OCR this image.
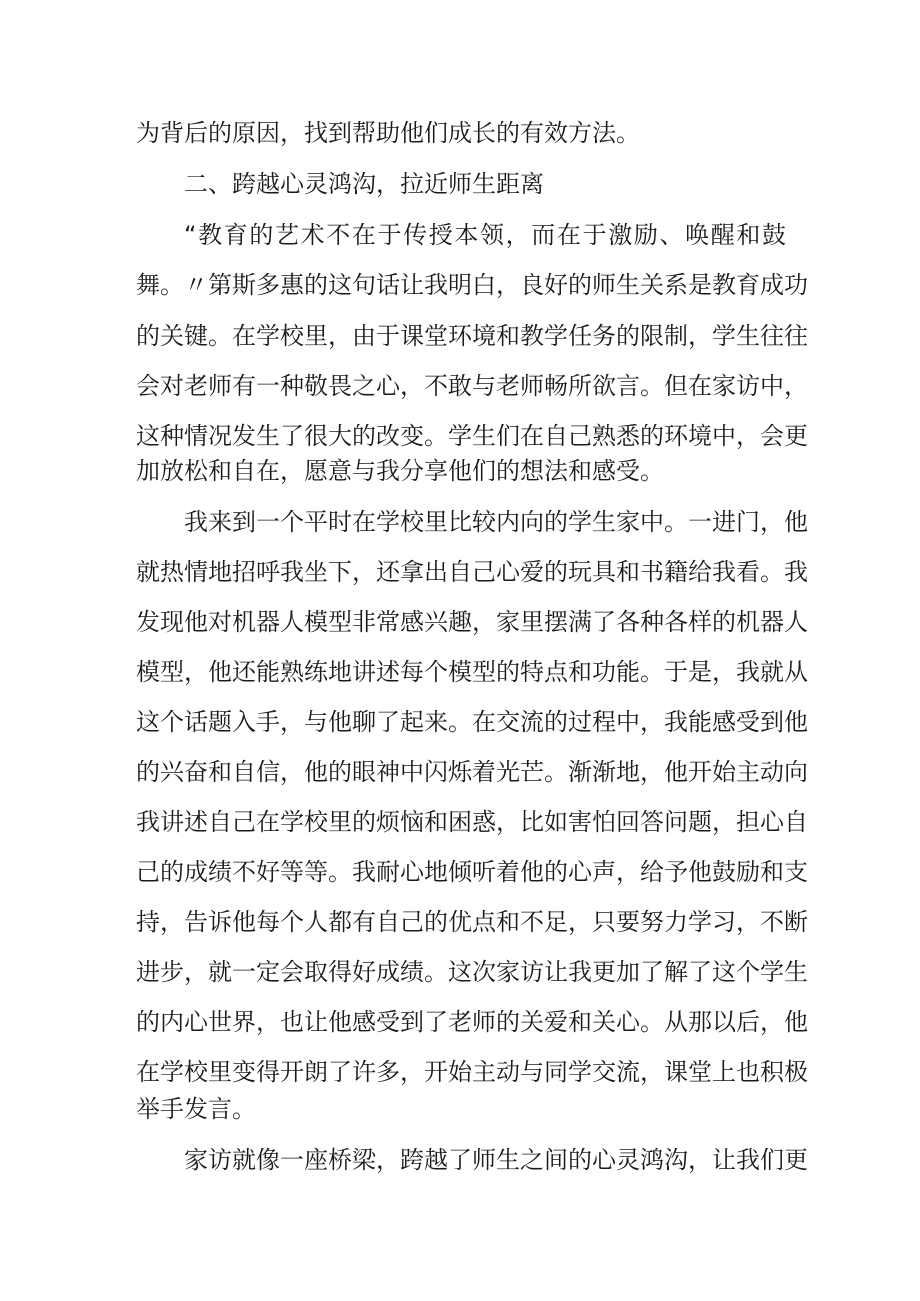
为背后的原因，找到帮助他们成长的有效方法。
二、跨越心灵鸿沟，拉近师生距离
“教育的艺术不在于传授本领，而在于激励、唤醒和鼓
舞。〃第斯多惠的这句话让我明白，良好的师生关系是教育成功
的关键。在学校里，由于课堂环境和教学任务的限制，学生往往
会对老师有一种敬畏之心，不敢与老师畅所欲言。但在家访中，
这种情况发生了很大的改变。学生们在自己熟悉的环境中，会更
加放松和自在，愿意与我分享他们的想法和感受。
我来到一个平时在学校里比较内向的学生家中。一进门，他
就热情地招呼我坐下，还拿出自己心爱的玩具和书籍给我看。我
发现他对机器人模型非常感兴趣，家里摆满了各种各样的机器人
模型，他还能熟练地讲述每个模型的特点和功能。于是，我就从
这个话题入手，与他聊了起来。在交流的过程中，我能感受到他
的兴奋和自信，他的眼神中闪烁着光芒。渐渐地，他开始主动向
我讲述自己在学校里的烦恼和困惑，比如害怕回答问题，担心自
己的成绩不好等等。我耐心地倾听着他的心声，给予他鼓励和支
持，告诉他每个人都有自己的优点和不足，只要努力学习，不断
进步，就一定会取得好成绩。这次家访让我更加了解了这个学生
的内心世界，也让他感受到了老师的关爱和关心。从那以后，他
在学校里变得开朗了许多，开始主动与同学交流，课堂上也积极
举手发言。
家访就像一座桥梁，跨越了师生之间的心灵鸿沟，让我们更
